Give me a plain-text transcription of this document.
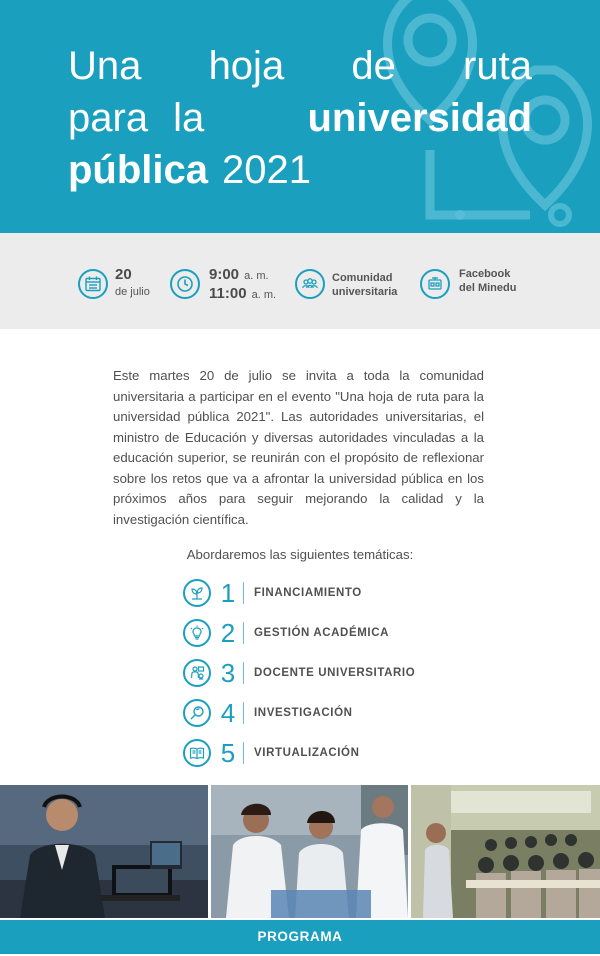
Una hoja de ruta
para la	universidad
pública 2021
20
de julio
9:00 a. m.
11:00 a. m.
Comunidad
universitaria
Facebook
del Minedu

Este martes 20 de julio se invita a toda la comunidad universitaria a participar en el evento "Una hoja de ruta para la universidad pública 2021". Las autoridades universitarias, el ministro de Educación y diversas autoridades vinculadas a la educación superior, se reunirán con el propósito de reflexionar sobre los retos que va a afrontar la universidad pública en los próximos años para seguir mejorando la calidad y la investigación científica.

Abordaremos las siguientes temáticas:
1	FINANCIAMIENTO
2	GESTIÓN ACADÉMICA
3	DOCENTE UNIVERSITARIO
4	INVESTIGACIÓN
5	VIRTUALIZACIÓN
PROGRAMA
